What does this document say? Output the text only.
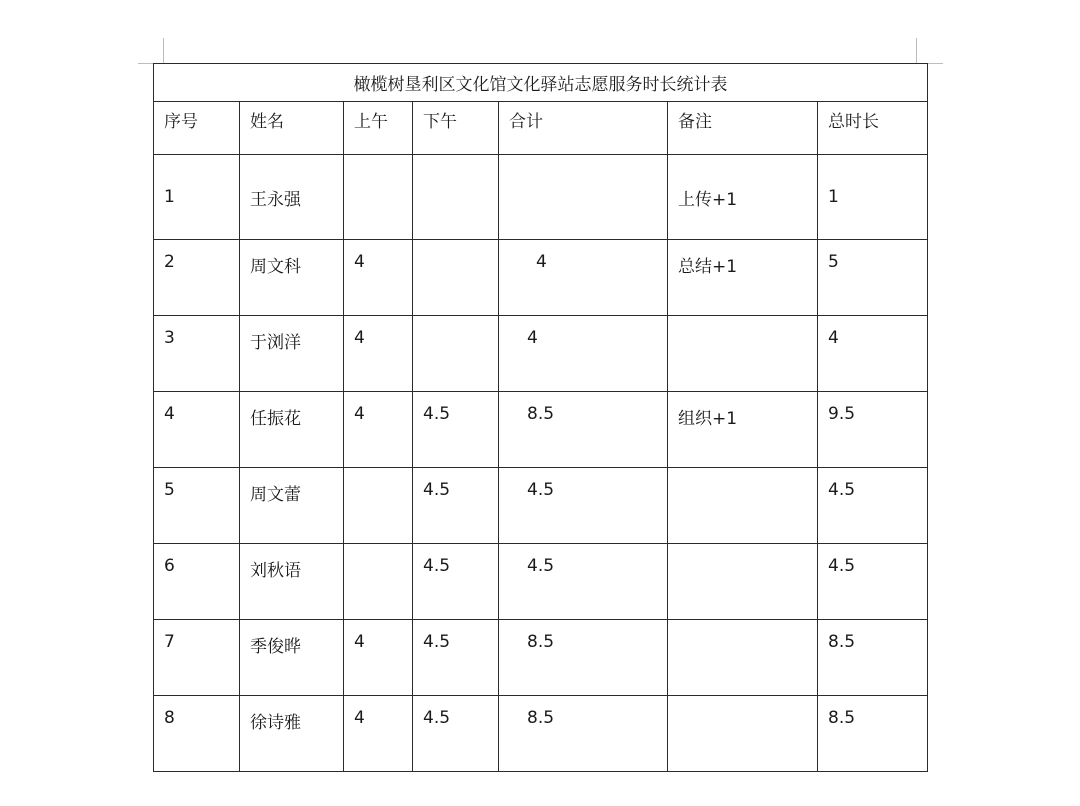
橄榄树垦利区文化馆文化驿站志愿服务时长统计表						
序号	姓名	上午	下午	合计	备注	总时长
1	王永强				上传+1	1
2	周文科	4		4	总结+1	5
3	于浏洋	4		4		4
4	任振花	4	4.5	8.5	组织+1	9.5
5	周文蕾		4.5	4.5		4.5
6	刘秋语		4.5	4.5		4.5
7	季俊晔	4	4.5	8.5		8.5
8	徐诗雅	4	4.5	8.5		8.5
